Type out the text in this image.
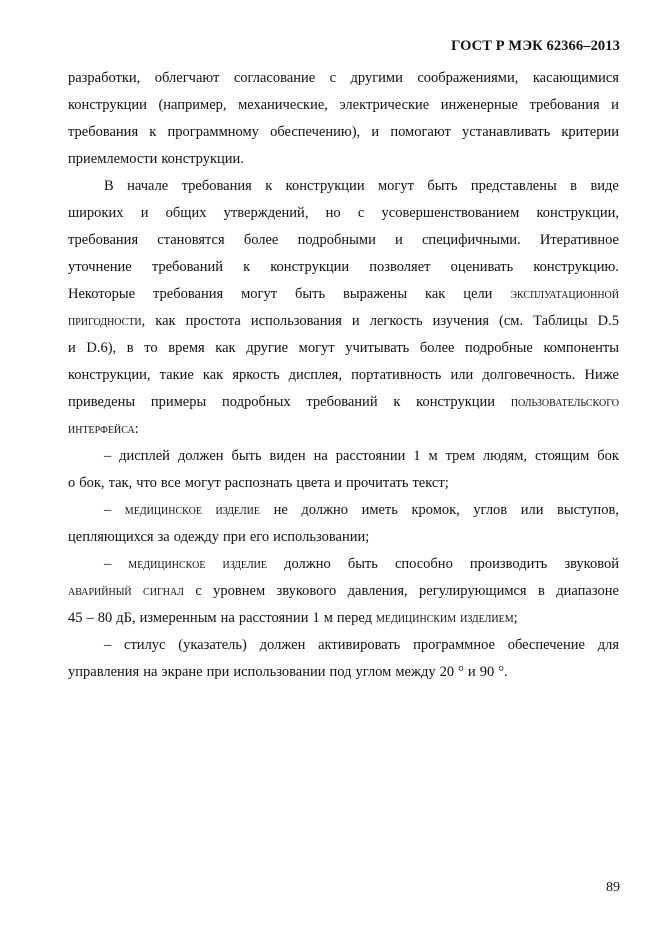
ГОСТ Р МЭК 62366–2013
разработки, облегчают согласование с другими соображениями, касающимися
конструкции (например, механические, электрические инженерные требования и
требования к программному обеспечению), и помогают устанавливать критерии
приемлемости конструкции.
В начале требования к конструкции могут быть представлены в виде
широких и общих утверждений, но с усовершенствованием конструкции,
требования становятся более подробными и специфичными. Итеративное
уточнение требований к конструкции позволяет оценивать конструкцию.
Некоторые требования могут быть выражены как цели эксплуатационной
пригодности, как простота использования и легкость изучения (см. Таблицы D.5
и D.6), в то время как другие могут учитывать более подробные компоненты
конструкции, такие как яркость дисплея, портативность или долговечность. Ниже
приведены примеры подробных требований к конструкции пользовательского
интерфейса:
– дисплей должен быть виден на расстоянии 1 м трем людям, стоящим бок
о бок, так, что все могут распознать цвета и прочитать текст;
– медицинское изделие не должно иметь кромок, углов или выступов,
цепляющихся за одежду при его использовании;
– медицинское изделие должно быть способно производить звуковой
аварийный сигнал с уровнем звукового давления, регулирующимся в диапазоне
45 – 80 дБ, измеренным на расстоянии 1 м перед медицинским изделием;
– стилус (указатель) должен активировать программное обеспечение для
управления на экране при использовании под углом между 20 ° и 90 °.
89
